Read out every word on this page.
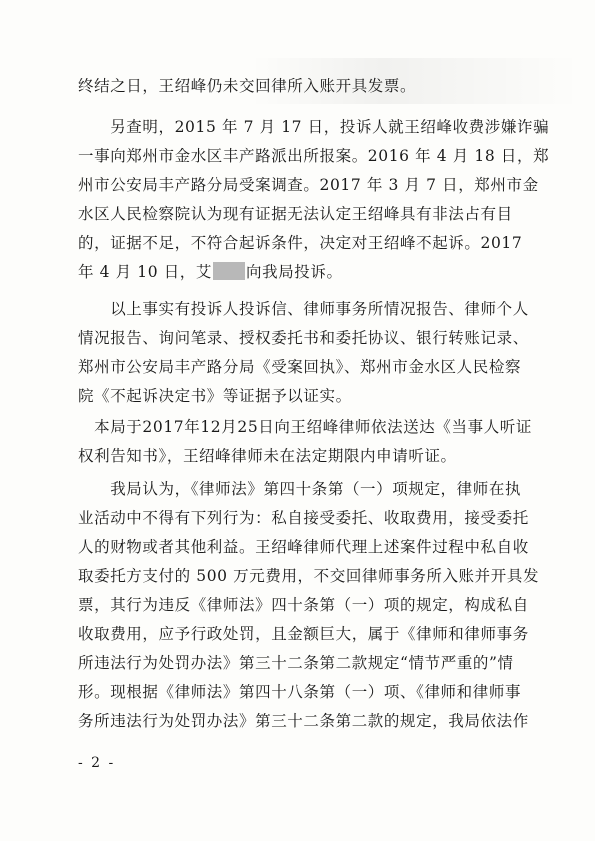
终结之日，王绍峰仍未交回律所入账开具发票。
　　另查明，2015 年 7 月 17 日，投诉人就王绍峰收费涉嫌诈骗
一事向郑州市金水区丰产路派出所报案。2016 年 4 月 18 日，郑
州市公安局丰产路分局受案调查。2017 年 3 月 7 日，郑州市金
水区人民检察院认为现有证据无法认定王绍峰具有非法占有目
的，证据不足，不符合起诉条件，决定对王绍峰不起诉。2017
年 4 月 10 日，艾 向我局投诉。
　　以上事实有投诉人投诉信、律师事务所情况报告、律师个人
情况报告、询问笔录、授权委托书和委托协议、银行转账记录、
郑州市公安局丰产路分局《受案回执》、郑州市金水区人民检察
院《不起诉决定书》等证据予以证实。
　本局于2017年12月25日向王绍峰律师依法送达《当事人听证
权利告知书》，王绍峰律师未在法定期限内申请听证。
　　我局认为，《律师法》第四十条第（一）项规定，律师在执
业活动中不得有下列行为：私自接受委托、收取费用，接受委托
人的财物或者其他利益。王绍峰律师代理上述案件过程中私自收
取委托方支付的 500 万元费用，不交回律师事务所入账并开具发
票，其行为违反《律师法》四十条第（一）项的规定，构成私自
收取费用，应予行政处罚，且金额巨大，属于《律师和律师事务
所违法行为处罚办法》第三十二条第二款规定“情节严重的”情
形。现根据《律师法》第四十八条第（一）项、《律师和律师事
务所违法行为处罚办法》第三十二条第二款的规定，我局依法作
- 2 -
